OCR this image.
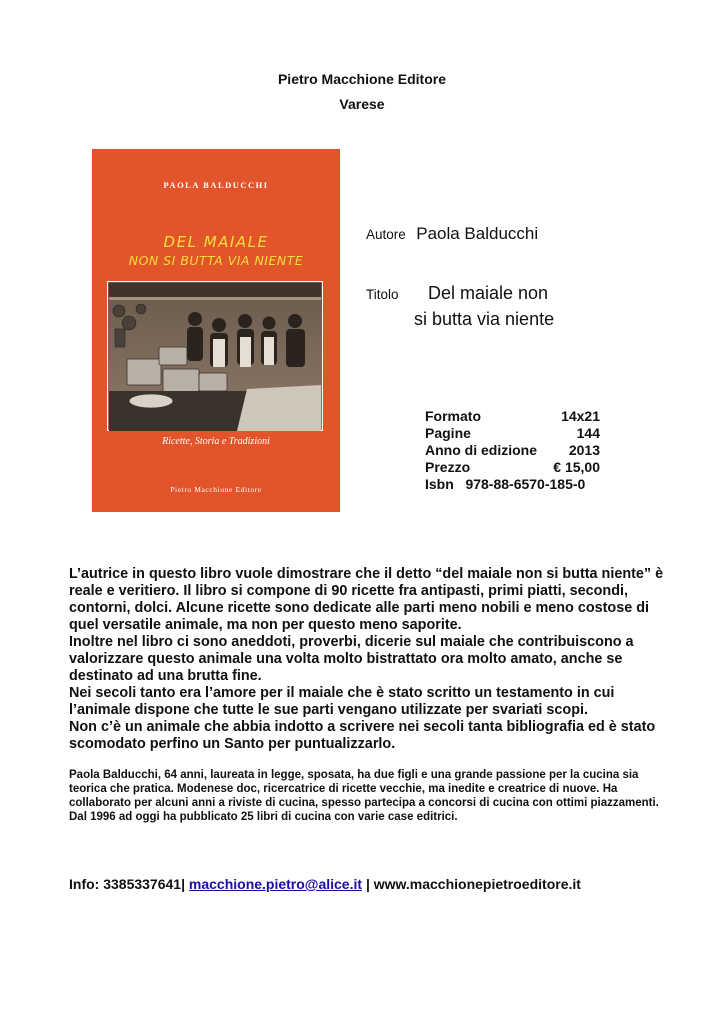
Pietro Macchione Editore
Varese
PAOLA BALDUCCHI
DEL MAIALE
NON SI BUTTA VIA NIENTE
Ricette, Storia e Tradizioni
Pietro Macchione Editore
Autore Paola Balducchi
Titolo Del maiale non
si butta via niente
Formato	14x21
Pagine	144
Anno di edizione 2013
Prezzo	€ 15,00
Isbn   978-88-6570-185-0

L’autrice in questo libro vuole dimostrare che il detto “del maiale non si butta niente” è reale e veritiero. Il libro si compone di 90 ricette fra antipasti, primi piatti, secondi, contorni, dolci. Alcune ricette sono dedicate alle parti meno nobili e meno costose di quel versatile animale, ma non per questo meno saporite.

Inoltre nel libro ci sono aneddoti, proverbi, dicerie sul maiale che contribuiscono a valorizzare questo animale una volta molto bistrattato ora molto amato, anche se destinato ad una brutta fine.

Nei secoli tanto era l’amore per il maiale che è stato scritto un testamento in cui l’animale dispone che tutte le sue parti vengano utilizzate per svariati scopi.

Non c’è un animale che abbia indotto a scrivere nei secoli tanta bibliografia ed è stato scomodato perfino un Santo per puntualizzarlo.

Paola Balducchi, 64 anni, laureata in legge, sposata, ha due figli e una grande passione per la cucina sia teorica che pratica. Modenese doc, ricercatrice di ricette vecchie, ma inedite e creatrice di nuove. Ha collaborato per alcuni anni a riviste di cucina, spesso partecipa a concorsi di cucina con ottimi piazzamenti.

Dal 1996 ad oggi ha pubblicato 25 libri di cucina con varie case editrici.

Info: 3385337641| macchione.pietro@alice.it | www.macchionepietroeditore.it
